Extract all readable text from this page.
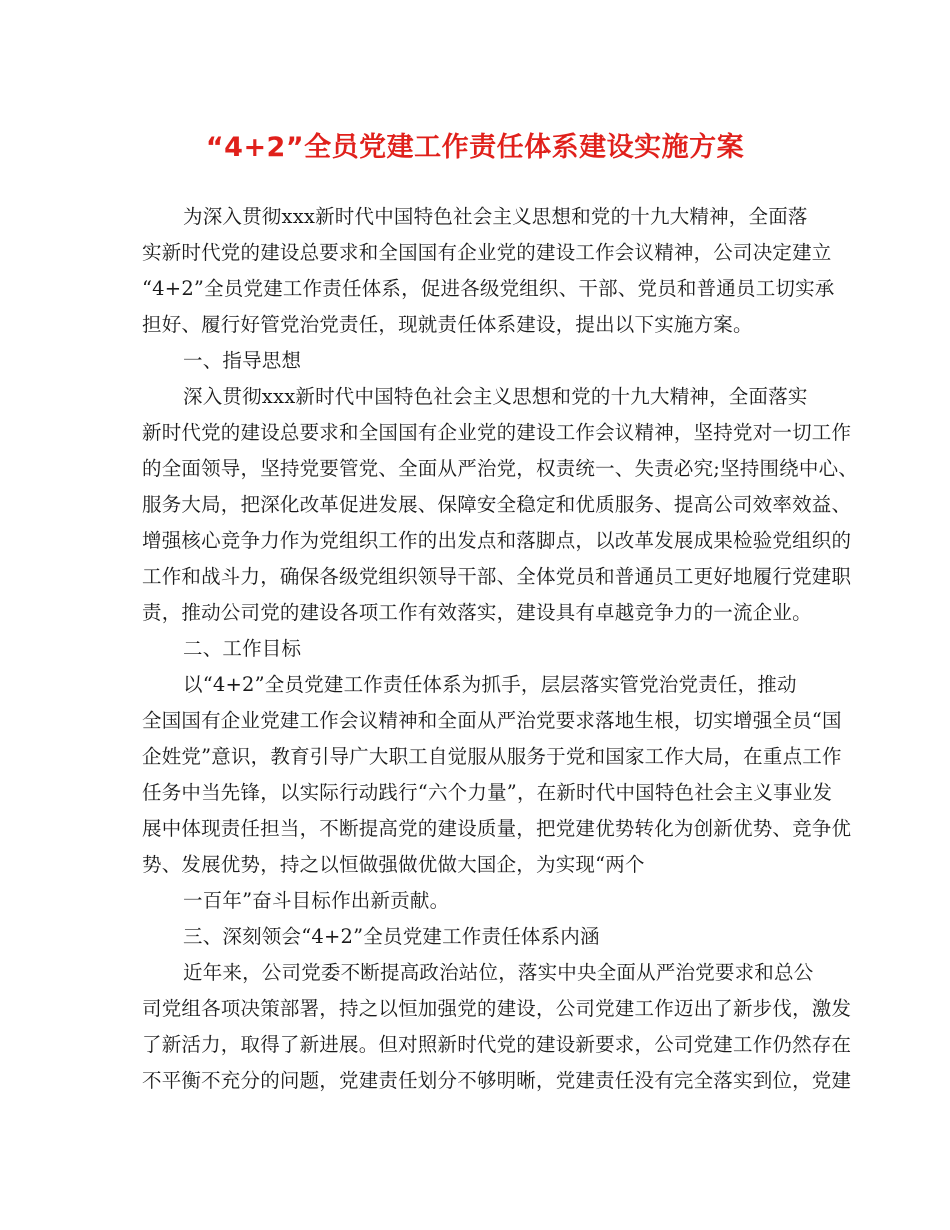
“4+2”全员党建工作责任体系建设实施方案
为深入贯彻xxx新时代中国特色社会主义思想和党的十九大精神，全面落
实新时代党的建设总要求和全国国有企业党的建设工作会议精神，公司决定建立
“4+2”全员党建工作责任体系，促进各级党组织、干部、党员和普通员工切实承
担好、履行好管党治党责任，现就责任体系建设，提出以下实施方案。
一、指导思想
深入贯彻xxx新时代中国特色社会主义思想和党的十九大精神，全面落实
新时代党的建设总要求和全国国有企业党的建设工作会议精神，坚持党对一切工作
的全面领导，坚持党要管党、全面从严治党，权责统一、失责必究;坚持围绕中心、
服务大局，把深化改革促进发展、保障安全稳定和优质服务、提高公司效率效益、
增强核心竞争力作为党组织工作的出发点和落脚点，以改革发展成果检验党组织的
工作和战斗力，确保各级党组织领导干部、全体党员和普通员工更好地履行党建职
责，推动公司党的建设各项工作有效落实，建设具有卓越竞争力的一流企业。
二、工作目标
以“4+2”全员党建工作责任体系为抓手，层层落实管党治党责任，推动
全国国有企业党建工作会议精神和全面从严治党要求落地生根，切实增强全员“国
企姓党”意识，教育引导广大职工自觉服从服务于党和国家工作大局，在重点工作
任务中当先锋，以实际行动践行“六个力量”，在新时代中国特色社会主义事业发
展中体现责任担当，不断提高党的建设质量，把党建优势转化为创新优势、竞争优
势、发展优势，持之以恒做强做优做大国企，为实现“两个
一百年”奋斗目标作出新贡献。
三、深刻领会“4+2”全员党建工作责任体系内涵
近年来，公司党委不断提高政治站位，落实中央全面从严治党要求和总公
司党组各项决策部署，持之以恒加强党的建设，公司党建工作迈出了新步伐，激发
了新活力，取得了新进展。但对照新时代党的建设新要求，公司党建工作仍然存在
不平衡不充分的问题，党建责任划分不够明晰，党建责任没有完全落实到位，党建
